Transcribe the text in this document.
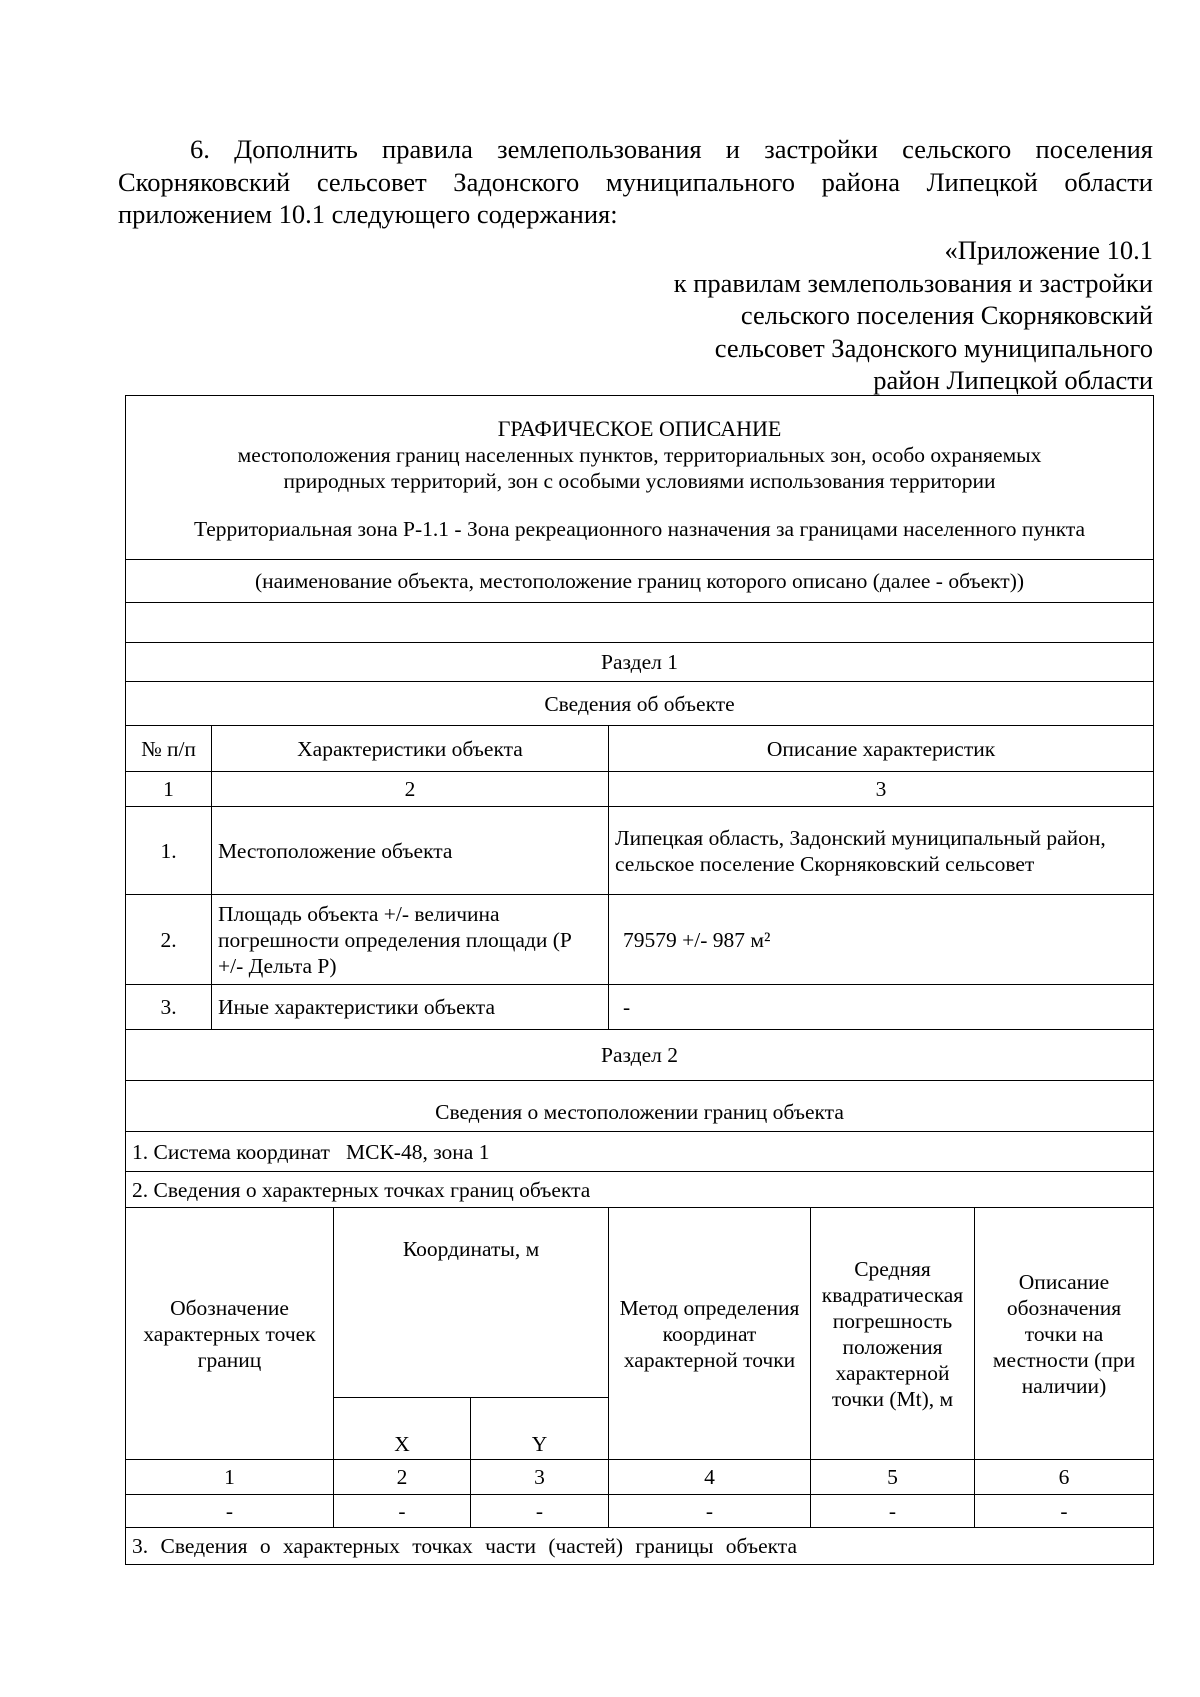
6. Дополнить правила землепользования и застройки сельского поселения Скорняковский сельсовет Задонского муниципального района Липецкой области приложением 10.1 следующего содержания:

«Приложение 10.1
к правилам землепользования и застройки
сельского поселения Скорняковский
сельсовет Задонского муниципального
район Липецкой области
ГРАФИЧЕСКОЕ ОПИСАНИЕ
местоположения границ населенных пунктов, территориальных зон, особо охраняемых
природных территорий, зон с особыми условиями использования территории
Территориальная зона Р-1.1 - Зона рекреационного назначения за границами населенного пункта						

(наименование объекта, местоположение границ которого описано (далее - объект))						

Раздел 1						
Сведения об объекте						
№ п/п	Характеристики объекта			Описание характеристик		
1	2			3		
1.	Местоположение объекта			Липецкая область, Задонский муниципальный район, сельское поселение Скорняковский сельсовет		
2.	Площадь объекта +/- величина погрешности определения площади (Р +/- Дельта Р)			79579 +/- 987 м²		
3.	Иные характеристики объекта			-		
Раздел 2						
Сведения о местоположении границ объекта						
1. Система координат   МСК-48, зона 1						
2. Сведения о характерных точках границ объекта						
Обозначение характерных точек границ		Координаты, м		Метод определения координат характерной точки	Средняя квадратическая погрешность положения характерной точки (Mt), м	Описание обозначения точки на местности (при наличии)
		X	Y			
1		2	3	4	5	6
-		-	-	-	-	-
3. Сведения о характерных точках части (частей) границы объекта						
